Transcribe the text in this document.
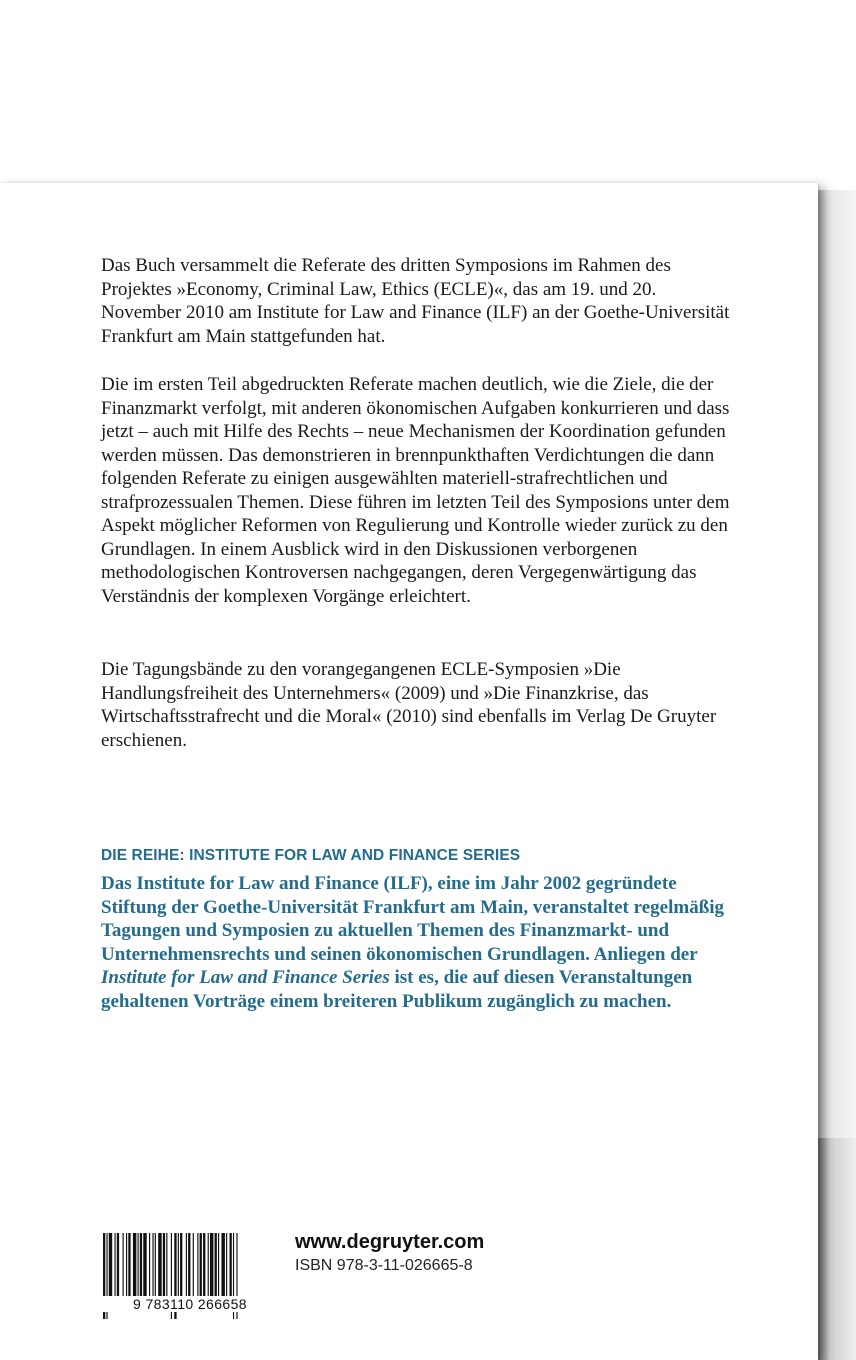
Das Buch versammelt die Referate des dritten Symposions im Rahmen des Projektes »Economy, Criminal Law, Ethics (ECLE)«, das am 19. und 20. November 2010 am Institute for Law and Finance (ILF) an der Goethe-Universität Frankfurt am Main stattgefunden hat.

Die im ersten Teil abgedruckten Referate machen deutlich, wie die Ziele, die der Finanzmarkt verfolgt, mit anderen ökonomischen Aufgaben konkurrieren und dass jetzt – auch mit Hilfe des Rechts – neue Mechanismen der Koordination gefunden werden müssen. Das demonstrieren in brennpunkthaften Verdichtungen die dann folgenden Referate zu einigen ausgewählten materiell-strafrechtlichen und strafprozessualen Themen. Diese führen im letzten Teil des Symposions unter dem Aspekt möglicher Reformen von Regulierung und Kontrolle wieder zurück zu den Grundlagen. In einem Ausblick wird in den Diskussionen verborgenen methodologischen Kontroversen nachgegangen, deren Vergegenwärtigung das Verständnis der komplexen Vorgänge erleichtert.

Die Tagungsbände zu den vorangegangenen ECLE-Symposien »Die Handlungsfreiheit des Unternehmers« (2009) und »Die Finanzkrise, das Wirtschaftsstrafrecht und die Moral« (2010) sind ebenfalls im Verlag De Gruyter erschienen.

DIE REIHE: INSTITUTE FOR LAW AND FINANCE SERIES

Das Institute for Law and Finance (ILF), eine im Jahr 2002 gegründete Stiftung der Goethe-Universität Frankfurt am Main, veranstaltet regelmäßig Tagungen und Symposien zu aktuellen Themen des Finanzmarkt- und Unternehmensrechts und seinen ökonomischen Grundlagen. Anliegen der Institute for Law and Finance Series ist es, die auf diesen Veranstaltungen gehaltenen Vorträge einem breiteren Publikum zugänglich zu machen.

9 783110 266658

www.degruyter.com

ISBN 978-3-11-026665-8
